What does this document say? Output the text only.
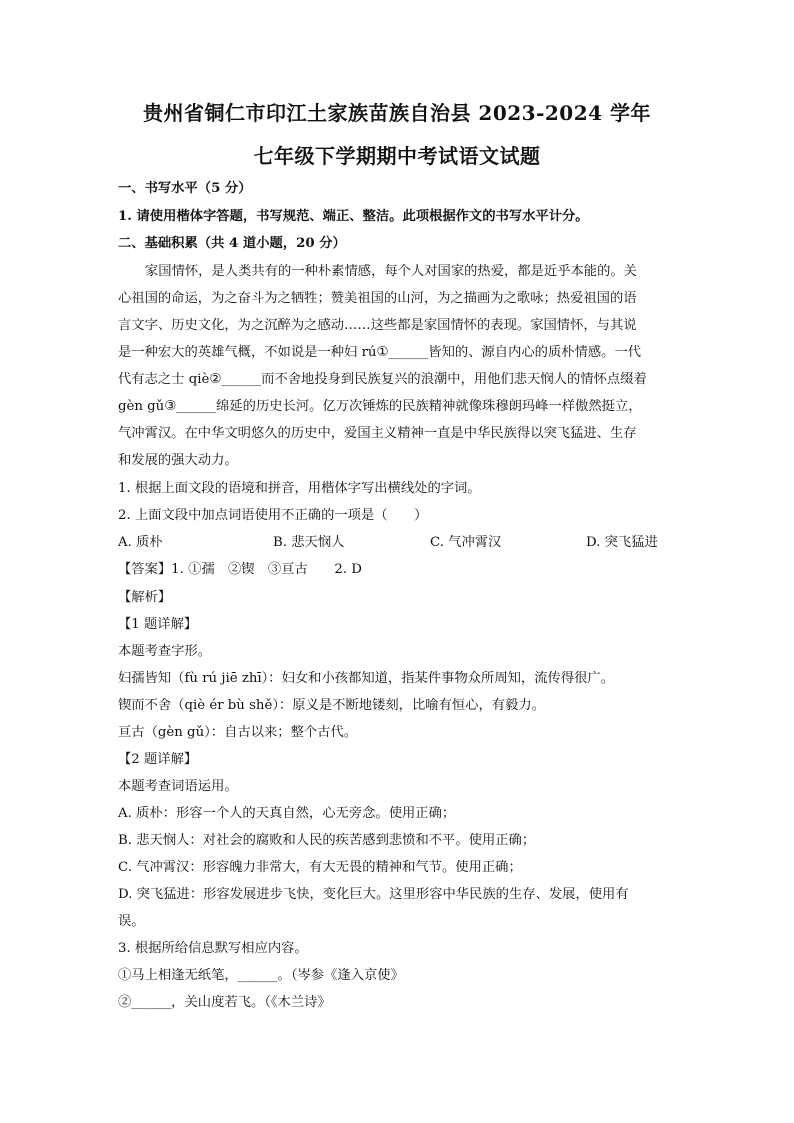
贵州省铜仁市印江土家族苗族自治县 2023-2024 学年
七年级下学期期中考试语文试题
一、书写水平（5 分）
1. 请使用楷体字答题，书写规范、端正、整洁。此项根据作文的书写水平计分。
二、基础积累（共 4 道小题，20 分）
家国情怀，是人类共有的一种朴素情感，每个人对国家的热爱，都是近乎本能的。关
心祖国的命运，为之奋斗为之牺牲；赞美祖国的山河，为之描画为之歌咏；热爱祖国的语
言文字、历史文化，为之沉醉为之感动……这些都是家国情怀的表现。家国情怀，与其说
是一种宏大的英雄气概，不如说是一种妇 rú①______皆知的、源自内心的质朴情感。一代
代有志之士 qiè②______而不舍地投身到民族复兴的浪潮中，用他们悲天悯人的情怀点缀着
gèn gǔ③______绵延的历史长河。亿万次锤炼的民族精神就像珠穆朗玛峰一样傲然挺立，
气冲霄汉。在中华文明悠久的历史中，爱国主义精神一直是中华民族得以突飞猛进、生存
和发展的强大动力。
1. 根据上面文段的语境和拼音，用楷体字写出横线处的字词。
2. 上面文段中加点词语使用不正确的一项是（　　）
A. 质朴	B. 悲天悯人	C. 气冲霄汉	D. 突飞猛进
【答案】1. ①孺　②锲　③亘古　　2. D
【解析】
【1 题详解】
本题考查字形。
妇孺皆知（fù rú jiē zhī）：妇女和小孩都知道，指某件事物众所周知，流传得很广。
锲而不舍（qiè ér bù shě）：原义是不断地镂刻，比喻有恒心，有毅力。
亘古（gèn gǔ）：自古以来；整个古代。
【2 题详解】
本题考查词语运用。
A. 质朴：形容一个人的天真自然，心无旁念。使用正确；
B. 悲天悯人：对社会的腐败和人民的疾苦感到悲愤和不平。使用正确；
C. 气冲霄汉：形容魄力非常大，有大无畏的精神和气节。使用正确；
D. 突飞猛进：形容发展进步飞快，变化巨大。这里形容中华民族的生存、发展，使用有
误。
3. 根据所给信息默写相应内容。
①马上相逢无纸笔，______。（岑参《逢入京使》
②______，关山度若飞。（《木兰诗》
